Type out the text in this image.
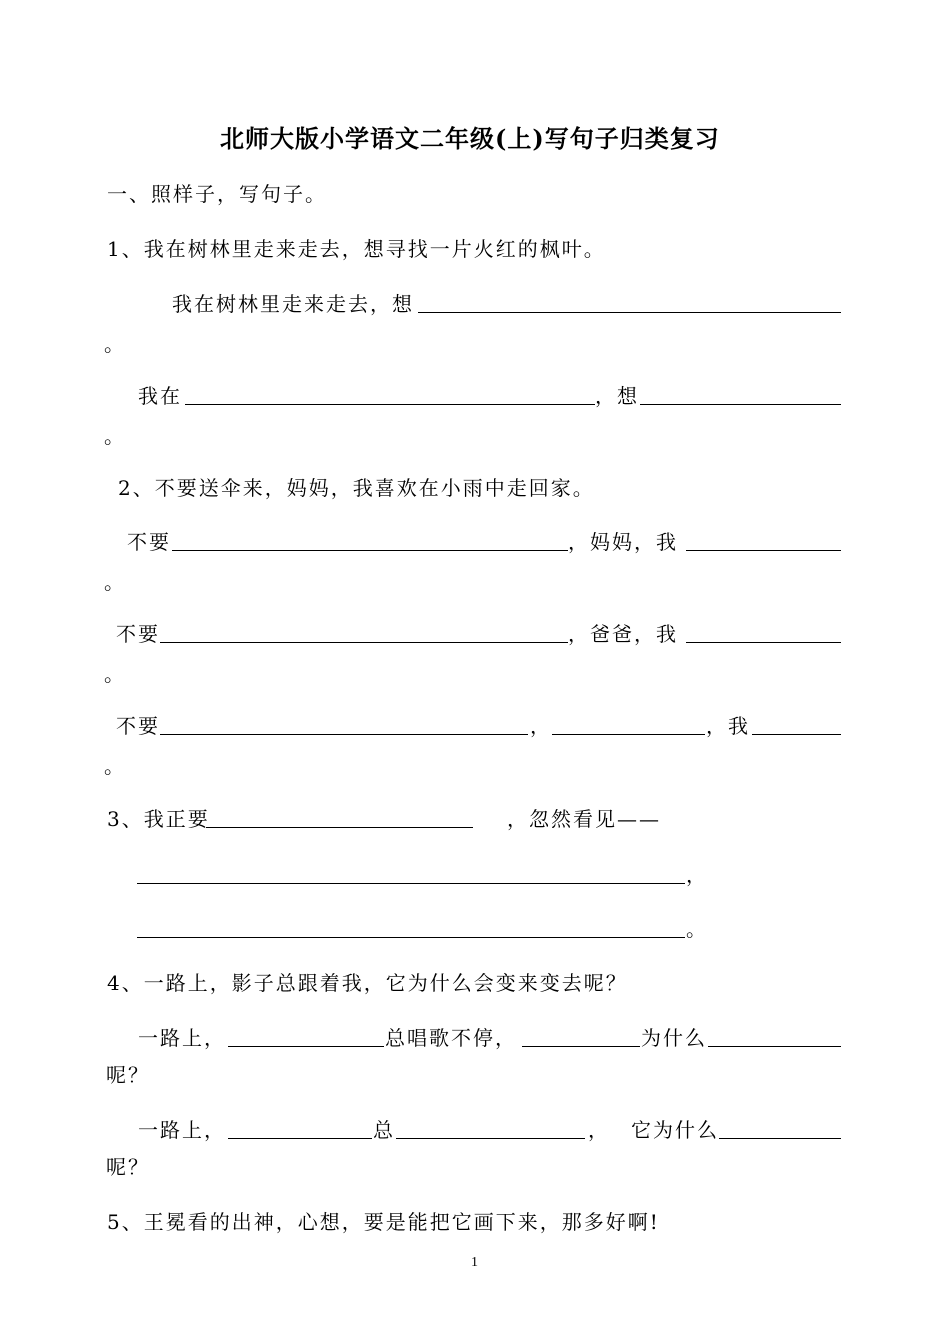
北师大版小学语文二年级(上)写句子归类复习
一、照样子，写句子。
1、我在树林里走来走去，想寻找一片火红的枫叶。
我在树林里走来走去，想
。
我在	，想
。
2、不要送伞来，妈妈，我喜欢在小雨中走回家。
不要	，妈妈，我
。
不要	，爸爸，我
。
不要	，	，我
。
3、我正要	，忽然看见——
，
。
4、一路上，影子总跟着我，它为什么会变来变去呢？
一路上，	总唱歌不停，	为什么
呢？
一路上，	总	， 它为什么
呢？
5、王冕看的出神，心想，要是能把它画下来，那多好啊!
1
